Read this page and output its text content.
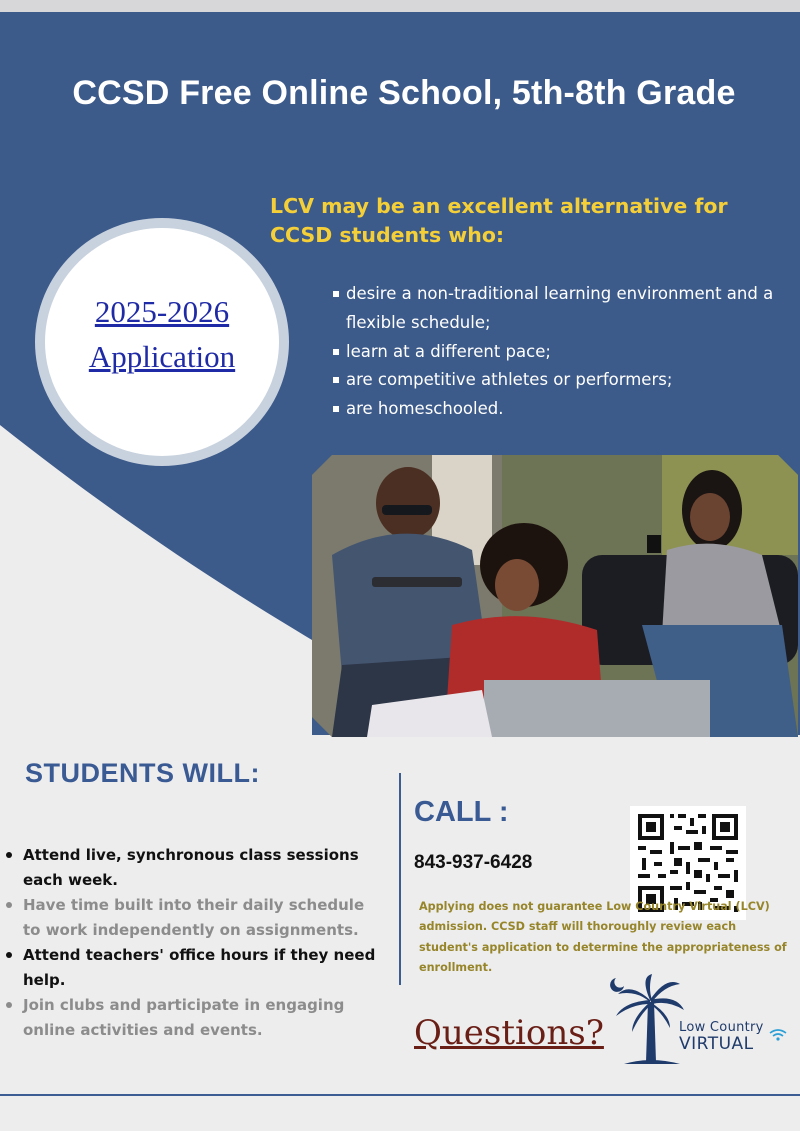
CCSD Free Online School, 5th-8th Grade
LCV may be an excellent alternative for CCSD students who:
desire a non-traditional learning environment and a flexible schedule;
learn at a different pace;
are competitive athletes or performers;
are homeschooled.
2025-2026
Application
STUDENTS WILL:
Attend live, synchronous class sessions each week.
Have time built into their daily schedule to work independently on assignments.
Attend teachers' office hours if they need help.
Join clubs and participate in engaging online activities and events.
CALL :
843-937-6428
Applying does not guarantee Low Country Virtual (LCV) admission. CCSD staff will thoroughly review each student's application to determine the appropriateness of enrollment.
Questions?	Low Country
VIRTUAL
